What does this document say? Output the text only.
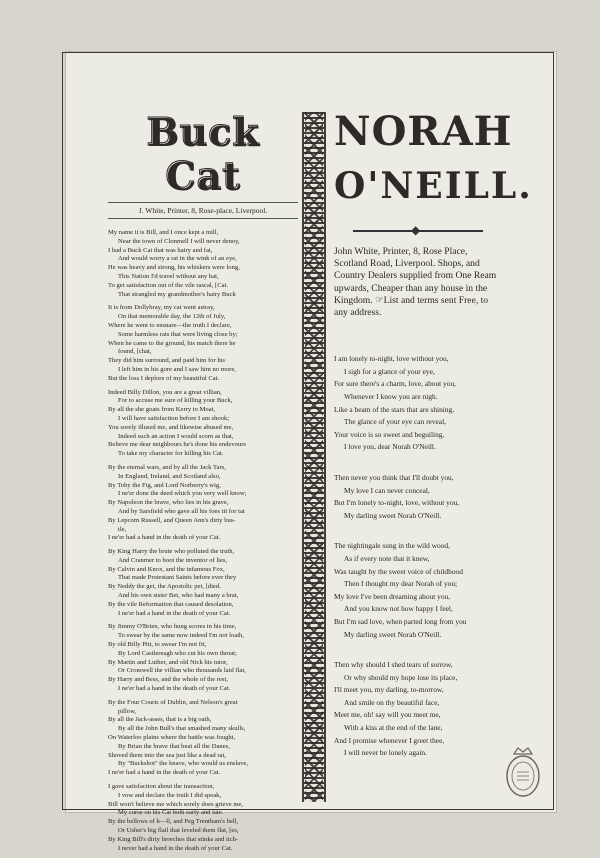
Buck Cat
J. White, Printer, 8, Rose-place, Liverpool.
My name it is Bill, and I once kept a mill,
Near the town of Clonmell I will never denoy,
I had a Buck Cat that was hairy and fat,
And would worry a rat in the wink of an eye,
He was heavy and strong, his whiskers were long,
This Nation I'd travel without any hat,
To get satisfaction out of the vile rascal, [Cat.
That strangled my grandmother's hairy Buck
It is from Dollybray, my cat went astray,
On that memorable day, the 12th of July,
Where he went to ensnare—the truth I declare,
Some harmless rats that were living close by;
When he came to the ground, his match there he
found, [chat,
They did him surround, and paid him for his
I left him in his gore and I saw him no more,
But the loss I deplore of my beautiful Cat.
Indeed Billy Dillon, you are a great villian,
For to accuse me sure of killing your Buck,
By all the she goats from Kerry to Moat,
I will have satisfaction before I am shook;
You sorely illused me, and likewise abused me,
Indeed such an action I would scorn as that,
Believe me dear neighbours he's done his endevours
To take my character for killing his Cat.
By the eternal wars, and by all the Jack Tars,
In England, Ireland, and Scotland also,
By Toby the Fig, and Lord Norberry's wig,
I ne'er done the deed which you very well know;
By Napoleon the brave, who lies in his grave,
And by Sarsfield who gave all his foes tit for tat
By Lepcorn Russell, and Queen Ann's dirty bus-
tle,
I ne'er had a hand in the death of your Cat.
By King Harry the brute who polluted the truth,
And Cranmer to boot the inventor of lies,
By Calvin and Knox, and the infamous Fox,
That made Protestant Saints before ever they
By Neddy the get, the Apostolic pet, [died.
And his own sister Bet, who had many a brat,
By the vile Reformation that caused desolation,
I ne'er had a hand in the death of your Cat.
By Jimmy O'Brien, who hung scores in his time,
To swear by the same now indeed I'm not loath,
By old Billy Pitt, to swear I'm not fit,
By Lord Castlereagh who cut his own throat;
By Martin and Luther, and old Nick his tutor,
Or Cromwell the villian who thousands laid flat,
By Harry and Bess, and the whole of the rest,
I ne'er had a hand in the death of your Cat.
By the Four Courts of Dublin, and Nelson's great
pillow,
By all the Jack-asses, that is a big oath,
By all the John Bull's that smashed many skulls,
On Waterloo plains where the battle was fought,
By Brian the brave that beat all the Danes,
Shoved them into the sea just like a dead rat,
By "Buckshot" the knave, who would us enslave,
I ne'er had a hand in the death of your Cat.
I gave satisfaction about the transaction,
I vow and declare the truth I did speak,
Bill won't believe me which sorely does grieve me,
My curse on his Cat both early and late.
By the bellows of h—ll, and Peg Trentham's bell,
Or Usher's big flail that leveled them flat, [es,
By King Bill's dirty breeches that stinks and itch-
I never had a hand in the death of your Cat.
NORAH
O'NEILL.
◆
John White, Printer, 8, Rose Place, Scotland Road, Liverpool. Shops, and Country Dealers supplied from One Ream upwards, Cheaper than any house in the Kingdom. ☞List and terms sent Free, to any address.
I am lonely to-night, love without you,
I sigh for a glance of your eye,
For sure there's a charm, love, about you,
Whenever I know you are nigh.
Like a beam of the stars that are shining,
The glance of your eye can reveal,
Your voice is so sweet and beguiling,
I love you, dear Norah O'Neill.
Then never you think that I'll doubt you,
My love I can never conceal,
But I'm lonely to-night, love, without you,
My darling sweet Norah O'Neill.
The nightingale sung in the wild wood,
As if every note that it knew,
Was taught by the sweet voice of childhood
Then I thought my dear Norah of you;
My love I've been dreaming about you,
And you know not how happy I feel,
But I'm sad love, when parted long from you
My darling sweet Norah O'Neill.
Then why should I shed tears of sorrow,
Or why should my hope lose its place,
I'll meet you, my darling, to-morrow,
And smile on thy beautiful face,
Meet me, oh! say will you meet me,
With a kiss at the end of the lane,
And I promise whenever I greet thee,
I will never be lonely again.
